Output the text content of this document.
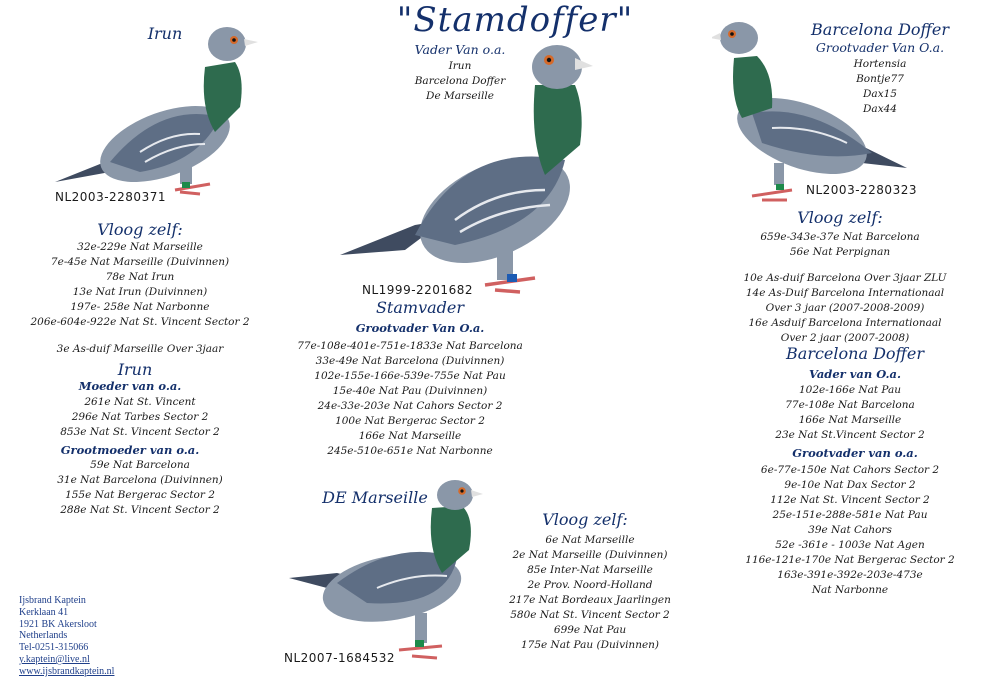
"Stamdoffer"
Irun
NL2003-2280371
Vloog zelf:
32e-229e Nat Marseille
7e-45e Nat Marseille (Duivinnen)
78e Nat Irun
13e Nat Irun (Duivinnen)
197e- 258e Nat Narbonne
206e-604e-922e Nat St. Vincent Sector 2
3e As-duif Marseille Over 3jaar
Irun
Moeder van o.a.
261e Nat St. Vincent
296e Nat Tarbes Sector 2
853e Nat St. Vincent Sector 2
Grootmoeder van o.a.
59e Nat Barcelona
31e Nat Barcelona (Duivinnen)
155e Nat Bergerac Sector 2
288e Nat St. Vincent Sector 2
Vader Van o.a.
Irun
Barcelona Doffer
De Marseille
NL1999-2201682
Stamvader
Grootvader Van O.a.
77e-108e-401e-751e-1833e Nat Barcelona
33e-49e Nat Barcelona (Duivinnen)
102e-155e-166e-539e-755e Nat Pau
15e-40e Nat Pau (Duivinnen)
24e-33e-203e Nat Cahors Sector 2
100e Nat Bergerac Sector 2
166e Nat Marseille
245e-510e-651e Nat Narbonne
Barcelona Doffer
Grootvader Van O.a.
Hortensia
Bontje77
Dax15
Dax44
NL2003-2280323
Vloog zelf:
659e-343e-37e Nat Barcelona
56e Nat Perpignan
10e As-duif Barcelona Over 3jaar ZLU
14e As-Duif Barcelona Internationaal
Over 3 jaar (2007-2008-2009)
16e Asduif Barcelona Internationaal
Over 2 jaar (2007-2008)
Barcelona Doffer
Vader van O.a.
102e-166e Nat Pau
77e-108e Nat Barcelona
166e Nat Marseille
23e Nat St.Vincent Sector 2
Grootvader van o.a.
6e-77e-150e Nat Cahors Sector 2
9e-10e Nat Dax Sector 2
112e Nat St. Vincent Sector 2
25e-151e-288e-581e Nat Pau
39e Nat Cahors
52e -361e - 1003e Nat Agen
116e-121e-170e Nat Bergerac Sector 2
163e-391e-392e-203e-473e
Nat Narbonne
DE Marseille
NL2007-1684532
Vloog zelf:
6e Nat Marseille
2e Nat Marseille (Duivinnen)
85e Inter-Nat Marseille
2e Prov. Noord-Holland
217e Nat Bordeaux Jaarlingen
580e Nat St. Vincent Sector 2
699e Nat Pau
175e Nat Pau (Duivinnen)
Ijsbrand Kaptein
Kerklaan 41
1921 BK Akersloot
Netherlands
Tel-0251-315066
y.kaptein@live.nl
www.ijsbrandkaptein.nl
